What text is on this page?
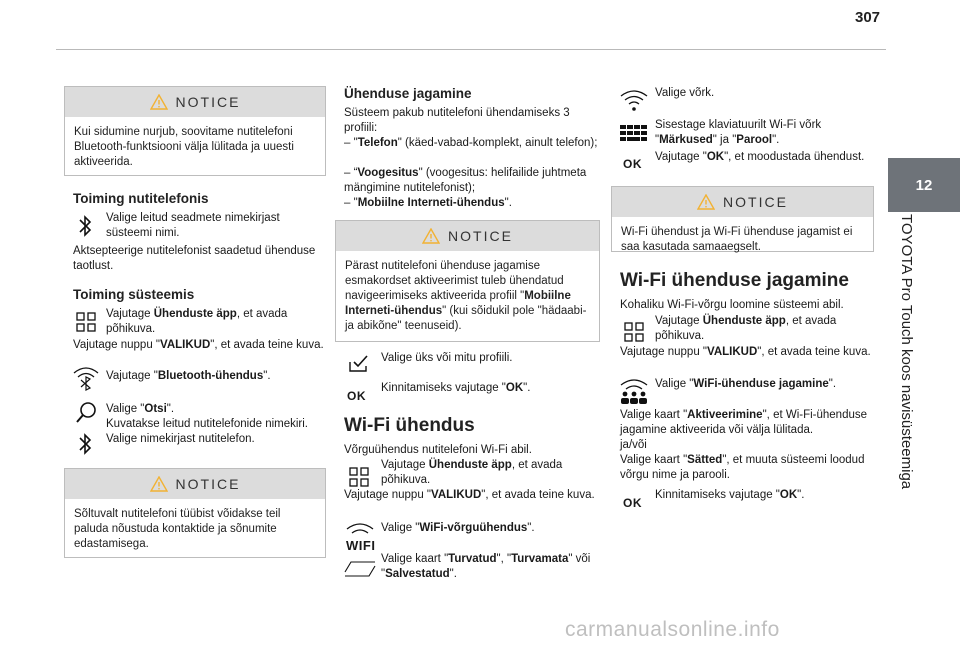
307
12
TOYOTA Pro Touch koos navisüsteemiga
NOTICE
Kui sidumine nurjub, soovitame nutitelefoni Bluetooth-funktsiooni välja lülitada ja uuesti aktiveerida.
Toiming nutitelefonis
Valige leitud seadmete nimekirjast süsteemi nimi.
Aktsepteerige nutitelefonist saadetud ühenduse taotlust.
Toiming süsteemis
Vajutage Ühenduste äpp, et avada põhikuva.
Vajutage nuppu "VALIKUD", et avada teine kuva.
Vajutage "Bluetooth-ühendus".
Valige "Otsi".
Kuvatakse leitud nutitelefonide nimekiri.
Valige nimekirjast nutitelefon.
NOTICE
Sõltuvalt nutitelefoni tüübist võidakse teil paluda nõustuda kontaktide ja sõnumite edastamisega.
Ühenduse jagamine
Süsteem pakub nutitelefoni ühendamiseks 3 profiili:
– "Telefon" (käed-vabad-komplekt, ainult telefon);
– “Voogesitus" (voogesitus: helifailide juhtmeta mängimine nutitelefonist);
– "Mobiilne Interneti-ühendus".
NOTICE
Pärast nutitelefoni ühenduse jagamise esmakordset aktiveerimist tuleb ühendatud navigeerimiseks aktiveerida profiil "Mobiilne Interneti-ühendus" (kui sõidukil pole "hädaabi- ja abikõne" teenuseid).
Valige üks või mitu profiili.
OK
Kinnitamiseks vajutage "OK".
Wi-Fi ühendus
Võrguühendus nutitelefoni Wi-Fi abil.
Vajutage Ühenduste äpp, et avada põhikuva.
Vajutage nuppu "VALIKUD", et avada teine kuva.
WIFI
Valige "WiFi-võrguühendus".
Valige kaart "Turvatud", "Turvamata" või "Salvestatud".
Valige võrk.
Sisestage klaviatuurilt Wi-Fi võrk "Märkused" ja "Parool".
OK Vajutage "OK", et moodustada ühendust.
NOTICE
Wi-Fi ühendust ja Wi-Fi ühenduse jagamist ei saa kasutada samaaegselt.
Wi-Fi ühenduse jagamine
Kohaliku Wi-Fi-võrgu loomine süsteemi abil.
Vajutage Ühenduste äpp, et avada põhikuva.
Vajutage nuppu "VALIKUD", et avada teine kuva.
Valige "WiFi-ühenduse jagamine".
Valige kaart "Aktiveerimine", et Wi-Fi-ühenduse jagamine aktiveerida või välja lülitada.
ja/või
Valige kaart "Sätted", et muuta süsteemi loodud võrgu nime ja parooli.
OK
Kinnitamiseks vajutage "OK".
carmanualsonline.info
